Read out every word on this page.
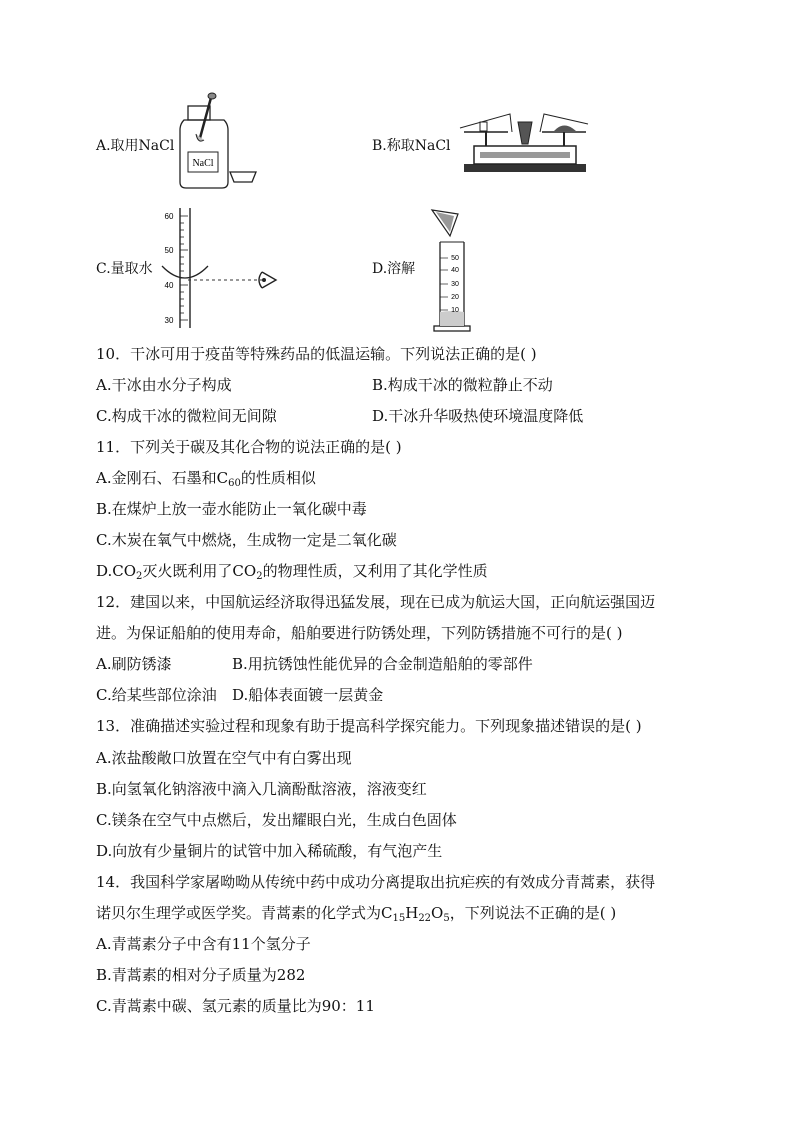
A.取用NaCl
NaCl
B.称取NaCl
C.量取水
60
50
40
30
D.溶解
50
40
30
20
10
10．干冰可用于疫苗等特殊药品的低温运输。下列说法正确的是( )
A.干冰由水分子构成	B.构成干冰的微粒静止不动
C.构成干冰的微粒间无间隙	D.干冰升华吸热使环境温度降低
11．下列关于碳及其化合物的说法正确的是( )
A.金刚石、石墨和$C_{60}$的性质相似
B.在煤炉上放一壶水能防止一氧化碳中毒
C.木炭在氧气中燃烧，生成物一定是二氧化碳
$D.CO_2$灭火既利用了$CO_2$的物理性质，又利用了其化学性质
12．建国以来，中国航运经济取得迅猛发展，现在已成为航运大国，正向航运强国迈
进。为保证船舶的使用寿命，船舶要进行防锈处理，下列防锈措施不可行的是( )
A.刷防锈漆	B.用抗锈蚀性能优异的合金制造船舶的零部件
C.给某些部位涂油 D.船体表面镀一层黄金
13．准确描述实验过程和现象有助于提高科学探究能力。下列现象描述错误的是( )
A.浓盐酸敞口放置在空气中有白雾出现
B.向氢氧化钠溶液中滴入几滴酚酞溶液，溶液变红
C.镁条在空气中点燃后，发出耀眼白光，生成白色固体
D.向放有少量铜片的试管中加入稀硫酸，有气泡产生
14．我国科学家屠呦呦从传统中药中成功分离提取出抗疟疾的有效成分青蒿素，获得
诺贝尔生理学或医学奖。青蒿素的化学式为$C_{15}H_{22}O_5$，下列说法不正确的是( )
A.青蒿素分子中含有11个氢分子
B.青蒿素的相对分子质量为282
C.青蒿素中碳、氢元素的质量比为90：11
